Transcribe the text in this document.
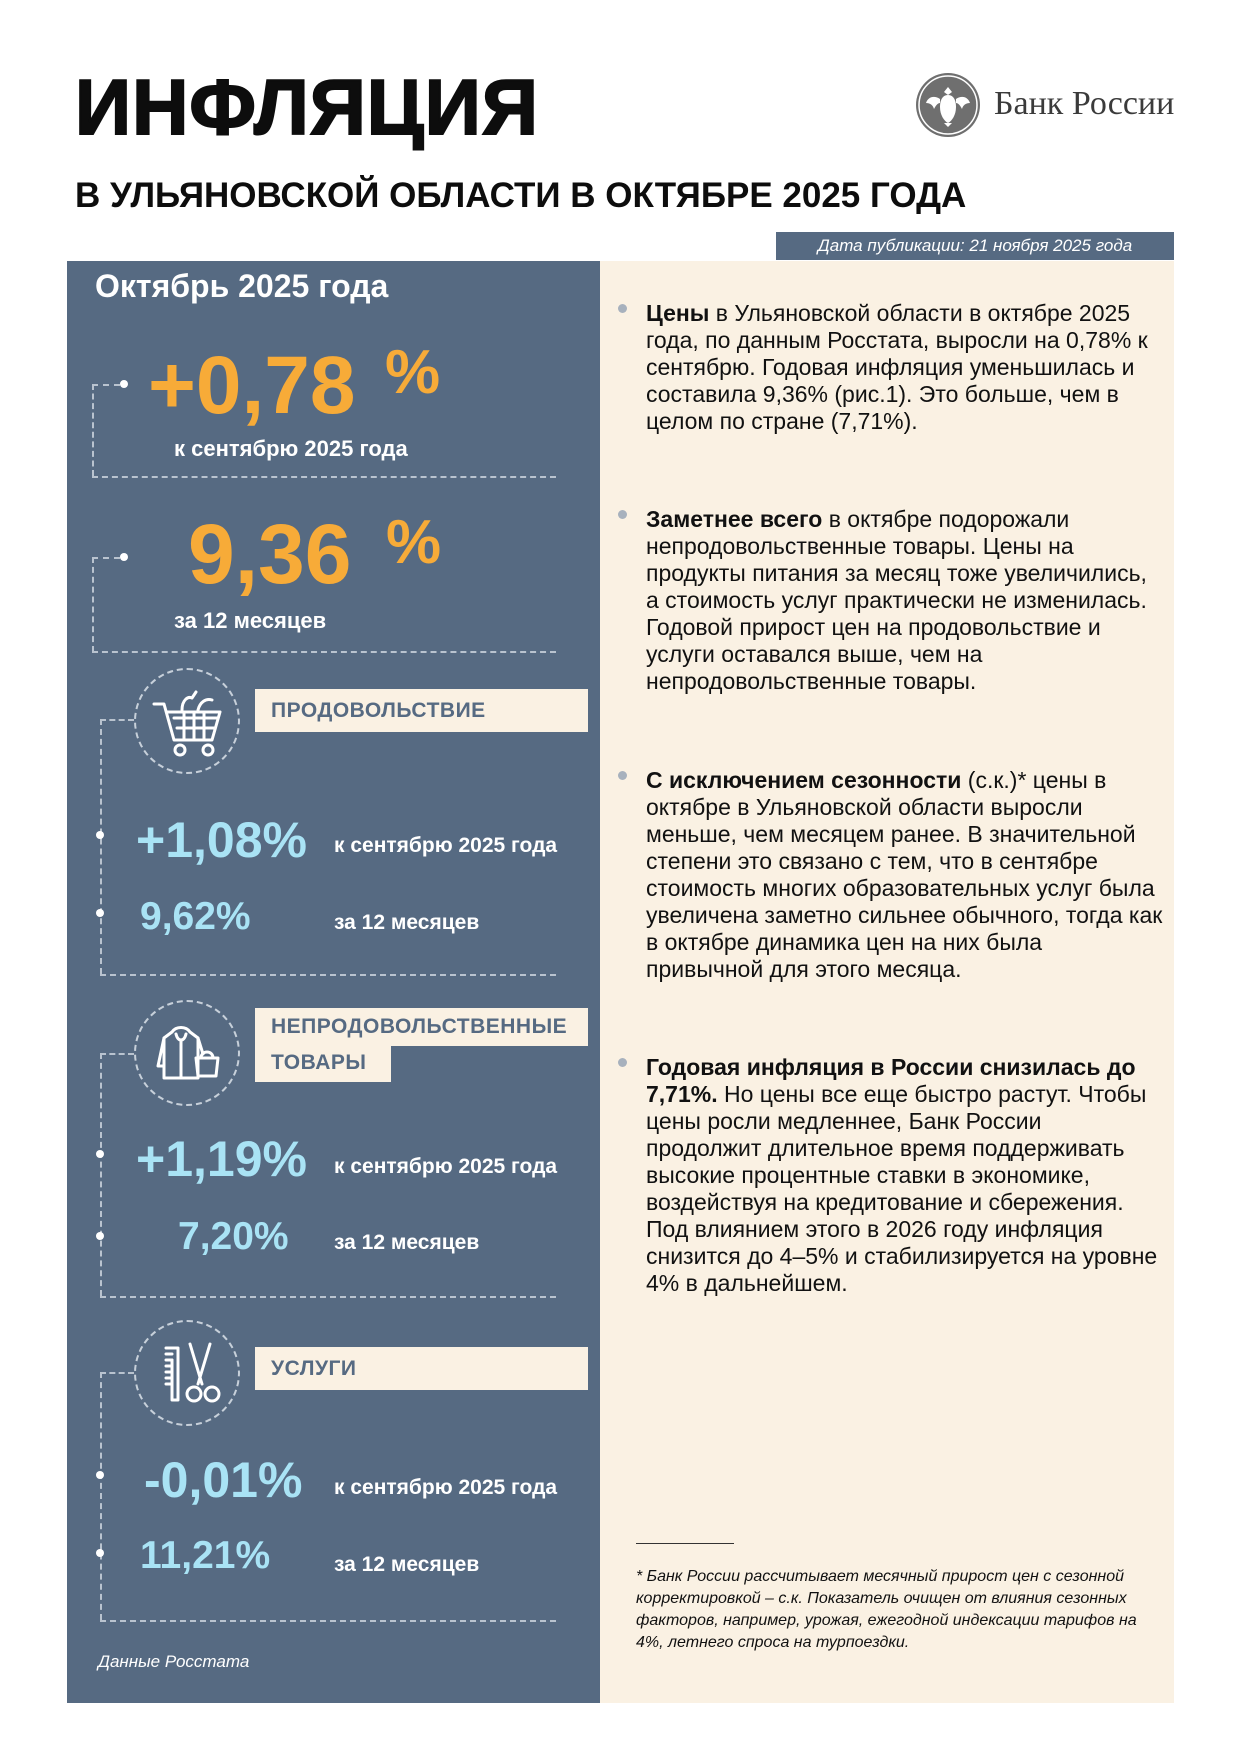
ИНФЛЯЦИЯ
В УЛЬЯНОВСКОЙ ОБЛАСТИ В ОКТЯБРЕ 2025 ГОДА
Банк России
Дата публикации: 21 ноября 2025 года
Октябрь 2025 года
+0,78 %
к сентябрю 2025 года
9,36 %
за 12 месяцев
ПРОДОВОЛЬСТВИЕ
+1,08% к сентябрю 2025 года
9,62%	за 12 месяцев
НЕПРОДОВОЛЬСТВЕННЫЕ
ТОВАРЫ
+1,19% к сентябрю 2025 года
7,20% за 12 месяцев
УСЛУГИ
-0,01% к сентябрю 2025 года
11,21%	за 12 месяцев
Данные Росстата

Цены в Ульяновской области в октябре 2025 года, по данным Росстата, выросли на 0,78% к сентябрю. Годовая инфляция уменьшилась и составила 9,36% (рис.1). Это больше, чем в целом по стране (7,71%).

Заметнее всего в октябре подорожали непродовольственные товары. Цены на продукты питания за месяц тоже увеличились, а стоимость услуг практически не изменилась. Годовой прирост цен на продовольствие и услуги оставался выше, чем на непродовольственные товары.

С исключением сезонности (с.к.)* цены в октябре в Ульяновской области выросли меньше, чем месяцем ранее. В значительной степени это связано с тем, что в сентябре стоимость многих образовательных услуг была увеличена заметно сильнее обычного, тогда как в октябре динамика цен на них была привычной для этого месяца.

Годовая инфляция в России снизилась до 7,71%. Но цены все еще быстро растут. Чтобы цены росли медленнее, Банк России продолжит длительное время поддерживать высокие процентные ставки в экономике, воздействуя на кредитование и сбережения. Под влиянием этого в 2026 году инфляция снизится до 4–5% и стабилизируется на уровне 4% в дальнейшем.

* Банк России рассчитывает месячный прирост цен с сезонной корректировкой – с.к. Показатель очищен от влияния сезонных факторов, например, урожая, ежегодной индексации тарифов на 4%, летнего спроса на турпоездки.
